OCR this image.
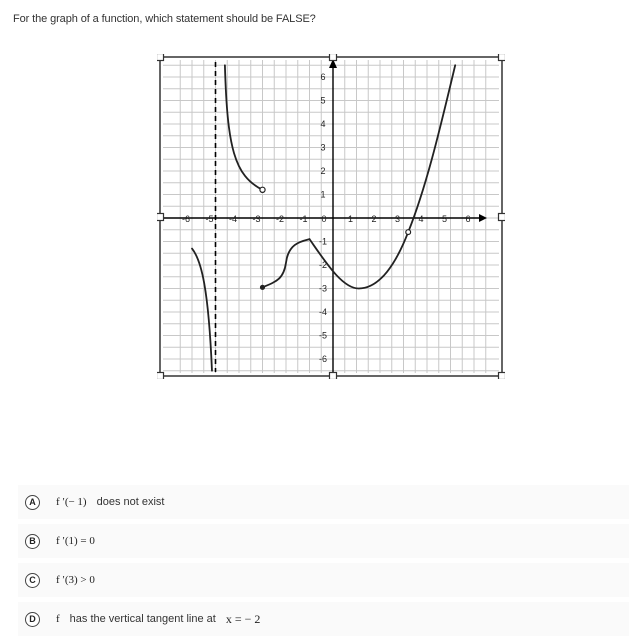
For the graph of a function, which statement should be FALSE?
-6 -5 -4 -3 -2 -1 0 1 2 3 4 5 6
6
5
4
3
2
1
-1
-2
-3
-4
-5
-6
A	f ′(− 1) does not exist
B	f ′(1) = 0
C	f ′(3) > 0
D	f has the vertical tangent line at x = − 2
